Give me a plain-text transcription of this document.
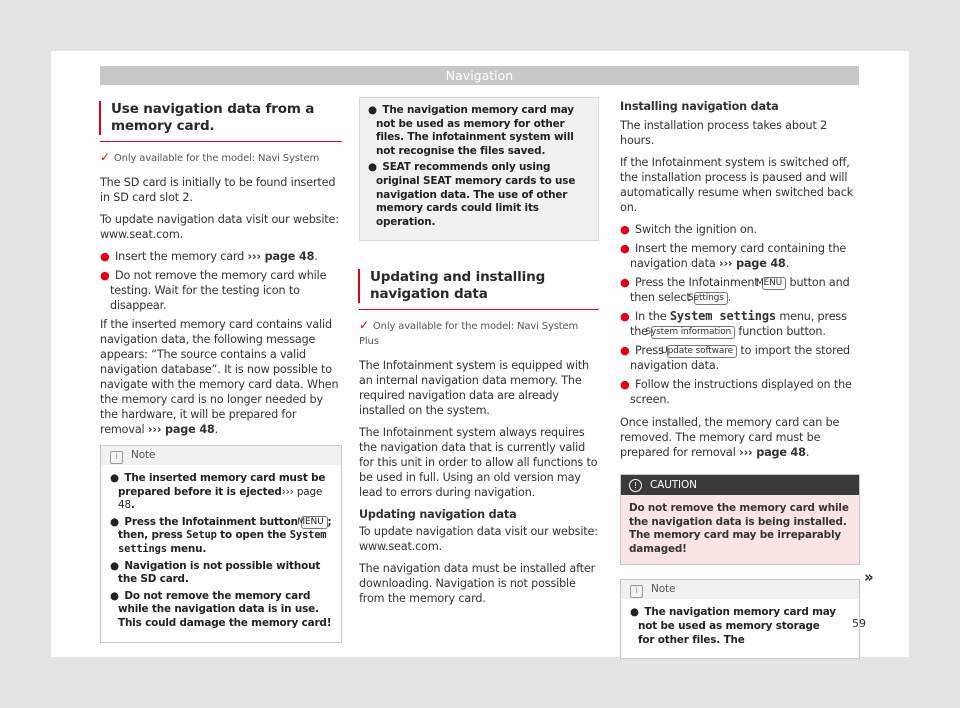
Navigation
Use navigation data from a memory card.

✓ Only available for the model: Navi System

The SD card is initially to be found inserted in SD card slot 2.

To update navigation data visit our website: www.seat.com.

● Insert the memory card ››› page 48.

● Do not remove the memory card while testing. Wait for the testing icon to disappear.

If the inserted memory card contains valid navigation data, the following message appears: “The source contains a valid navigation database”. It is now possible to navigate with the memory card data. When the memory card is no longer needed by the hardware, it will be prepared for removal ››› page 48.

i Note

● The inserted memory card must be prepared before it is ejected››› page 48.

● Press the Infotainment button MENU ; then, press Setup to open the System settings menu.

● Navigation is not possible without the SD card.

● Do not remove the memory card while the navigation data is in use. This could damage the memory card!

● The navigation memory card may not be used as memory for other files. The infotainment system will not recognise the files saved.

● SEAT recommends only using original SEAT memory cards to use navigation data. The use of other memory cards could limit its operation.

Updating and installing navigation data

✓ Only available for the model: Navi System Plus

The Infotainment system is equipped with an internal navigation data memory. The required navigation data are already installed on the system.

The Infotainment system always requires the navigation data that is currently valid for this unit in order to allow all functions to be used in full. Using an old version may lead to errors during navigation.

Updating navigation data

To update navigation data visit our website: www.seat.com.

The navigation data must be installed after downloading. Navigation is not possible from the memory card.

Installing navigation data

The installation process takes about 2 hours.

If the Infotainment system is switched off, the installation process is paused and will automatically resume when switched back on.

● Switch the ignition on.

● Insert the memory card containing the navigation data ››› page 48.

● Press the Infotainment MENU button and then select Settings .

● In the System settings menu, press the System information function button.

● Press Update software to import the stored navigation data.

● Follow the instructions displayed on the screen.

Once installed, the memory card can be removed. The memory card must be prepared for removal ››› page 48.

! CAUTION
Do not remove the memory card while the navigation data is being installed. The memory card may be irreparably damaged!
i Note

● The navigation memory card may not be used as memory storage for other files. The

»
59
